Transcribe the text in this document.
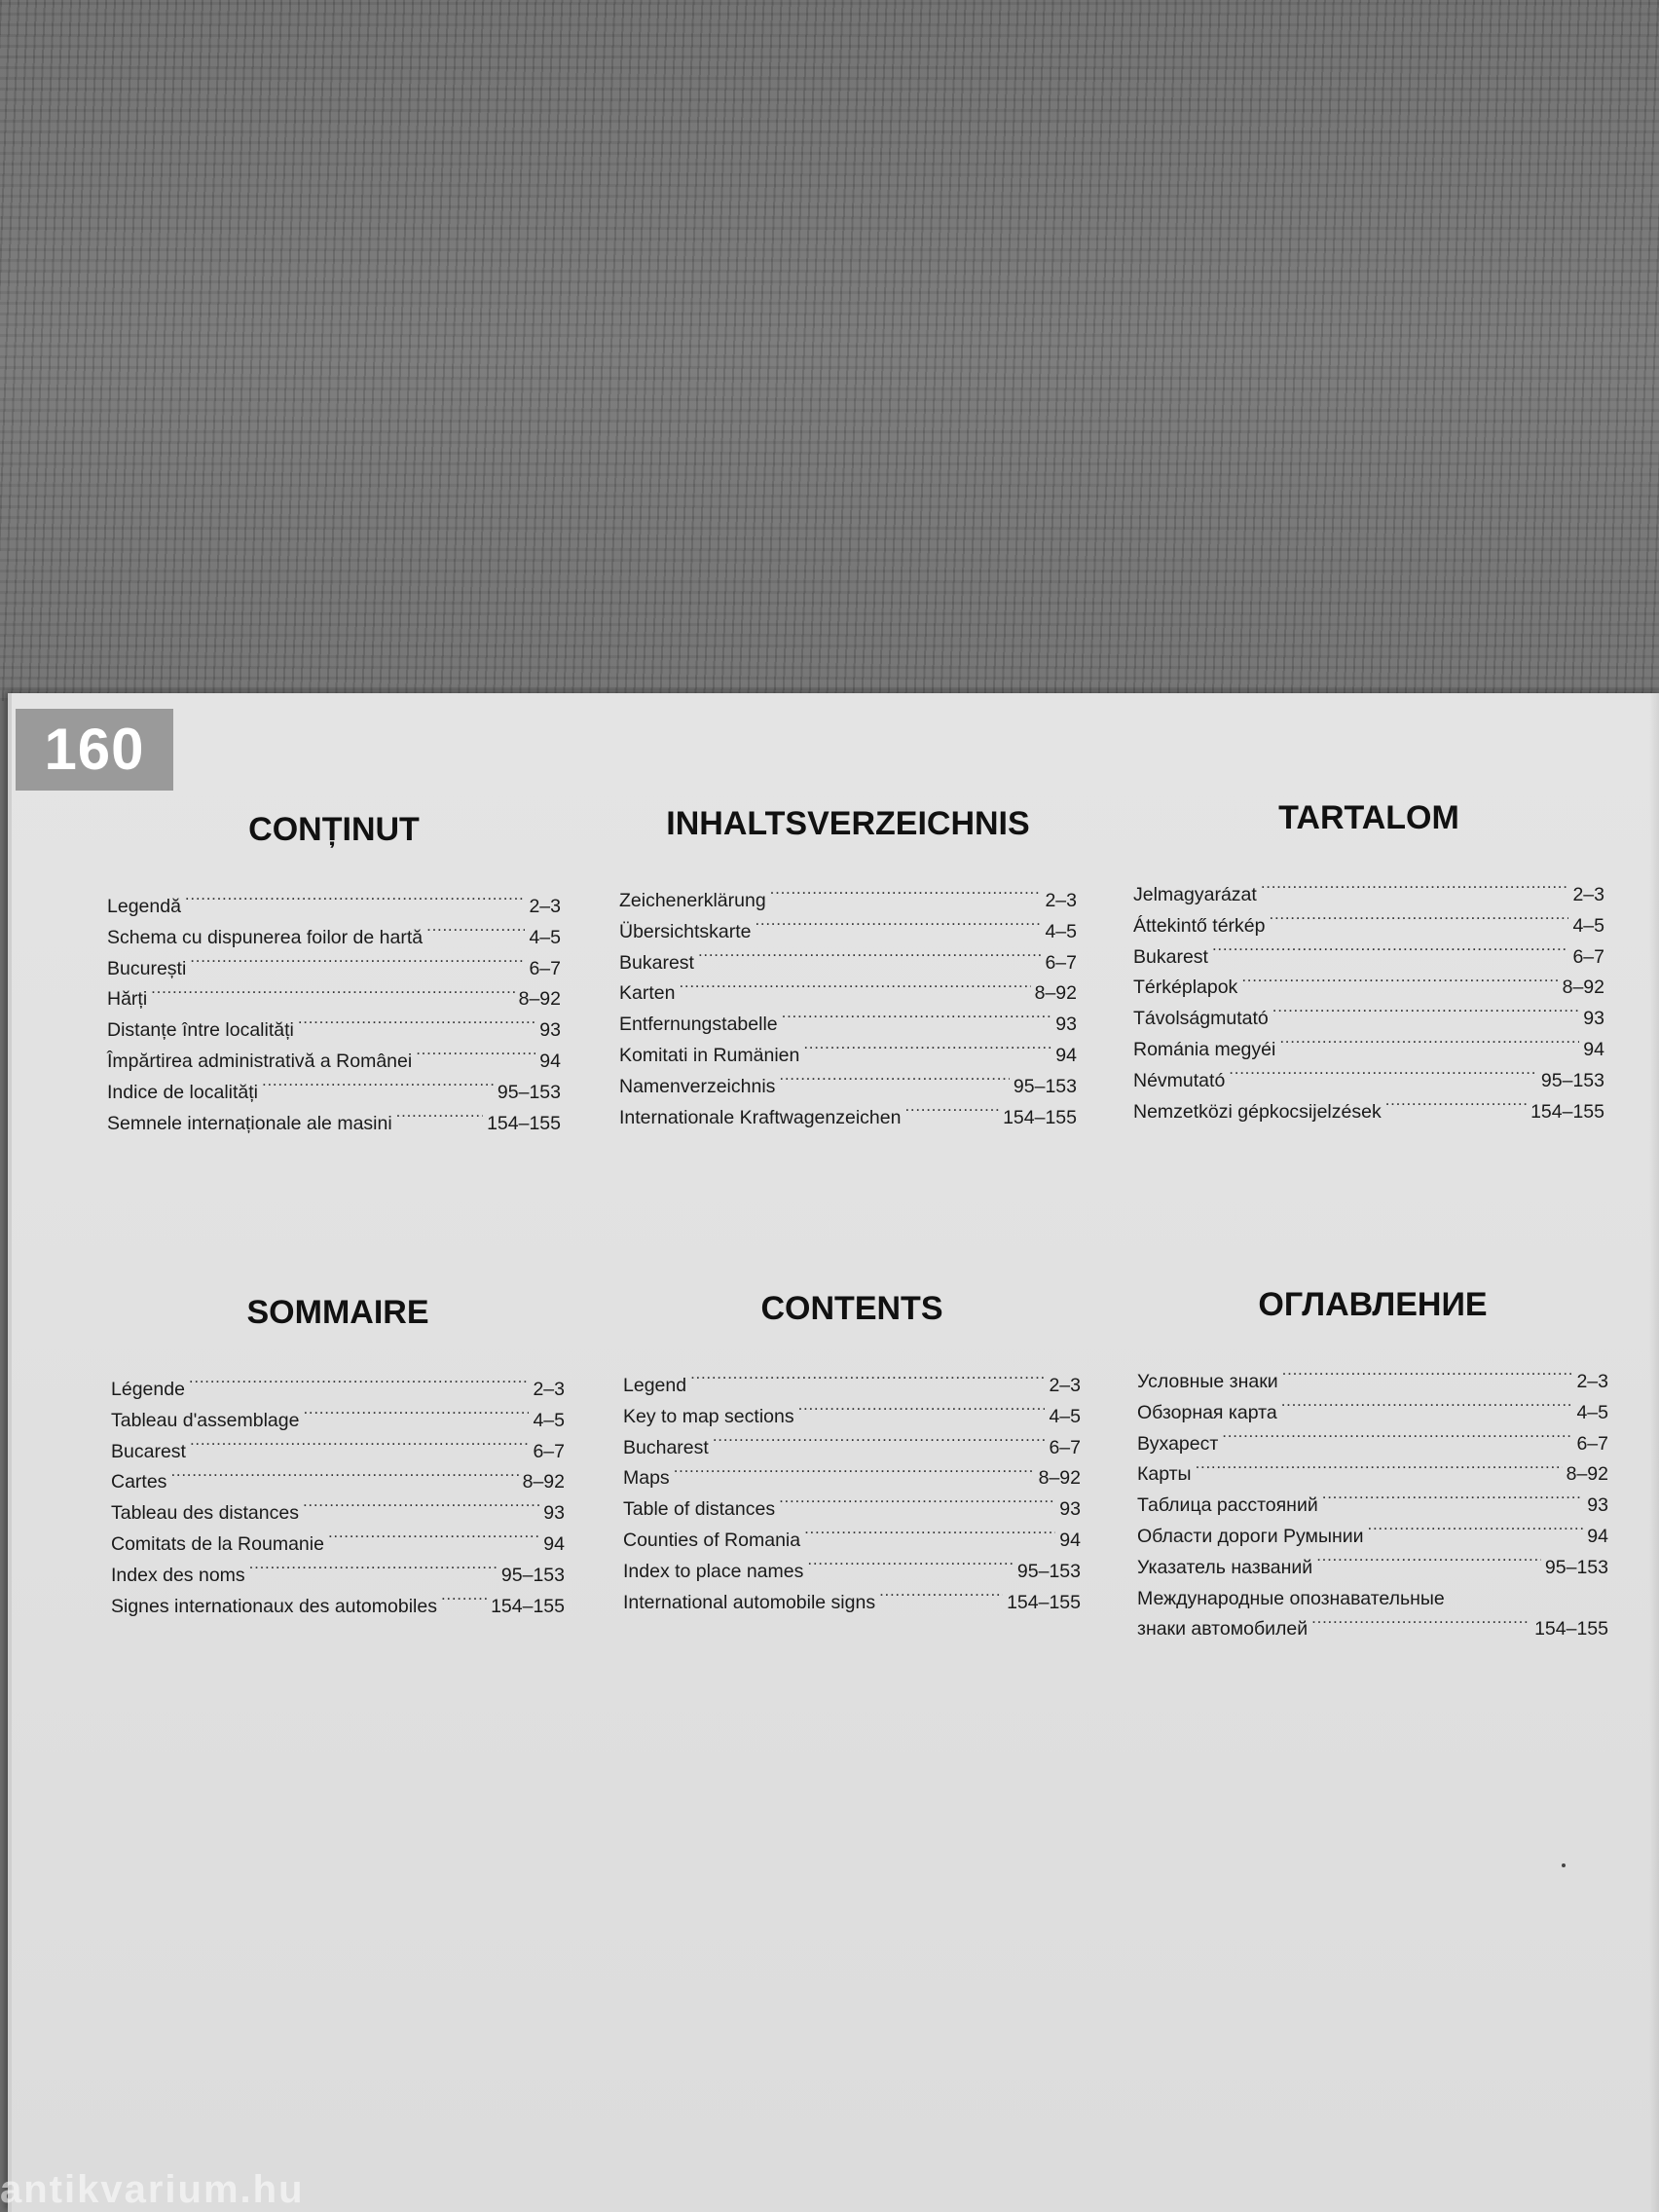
160
CONȚINUT
Legendă . . .	2–3
Schema cu dispunerea foilor de hartă . . .	4–5
București . . .	6–7
Hărți . . .	8–92
Distanțe între localități . . .	93
Împărtirea administrativă a Românei . . .	94
Indice de localități . . .	95–153
Semnele internaționale ale masini . . .	154–155
INHALTSVERZEICHNIS
Zeichenerklärung . . .	2–3
Übersichtskarte . . .	4–5
Bukarest . . .	6–7
Karten . . .	8–92
Entfernungstabelle . . .	93
Komitati in Rumänien . . .	94
Namenverzeichnis . . .	95–153
Internationale Kraftwagenzeichen . . .	154–155
TARTALOM
Jelmagyarázat . . .	2–3
Áttekintő térkép . . .	4–5
Bukarest . . .	6–7
Térképlapok . . .	8–92
Távolságmutató . . .	93
Románia megyéi . . .	94
Névmutató . . .	95–153
Nemzetközi gépkocsijelzések . . .	154–155
SOMMAIRE
Légende . . .	2–3
Tableau d'assemblage . . .	4–5
Bucarest . . .	6–7
Cartes . . .	8–92
Tableau des distances . . .	93
Comitats de la Roumanie . . .	94
Index des noms . . .	95–153
Signes internationaux des automobiles . . .	154–155
CONTENTS
Legend . . .	2–3
Key to map sections . . .	4–5
Bucharest . . .	6–7
Maps . . .	8–92
Table of distances . . .	93
Counties of Romania . . .	94
Index to place names . . .	95–153
International automobile signs . . .	154–155
ОГЛАВЛЕНИЕ
Условные знаки . . .	2–3
Обзорная карта . . .	4–5
Вухарест . . .	6–7
Карты . . .	8–92
Таблица расстояний . . .	93
Области дороги Румынии . . .	94
Указатель названий . . .	95–153
Международные опознавательные
знаки автомобилей . . .	154–155
antikvarium.hu
